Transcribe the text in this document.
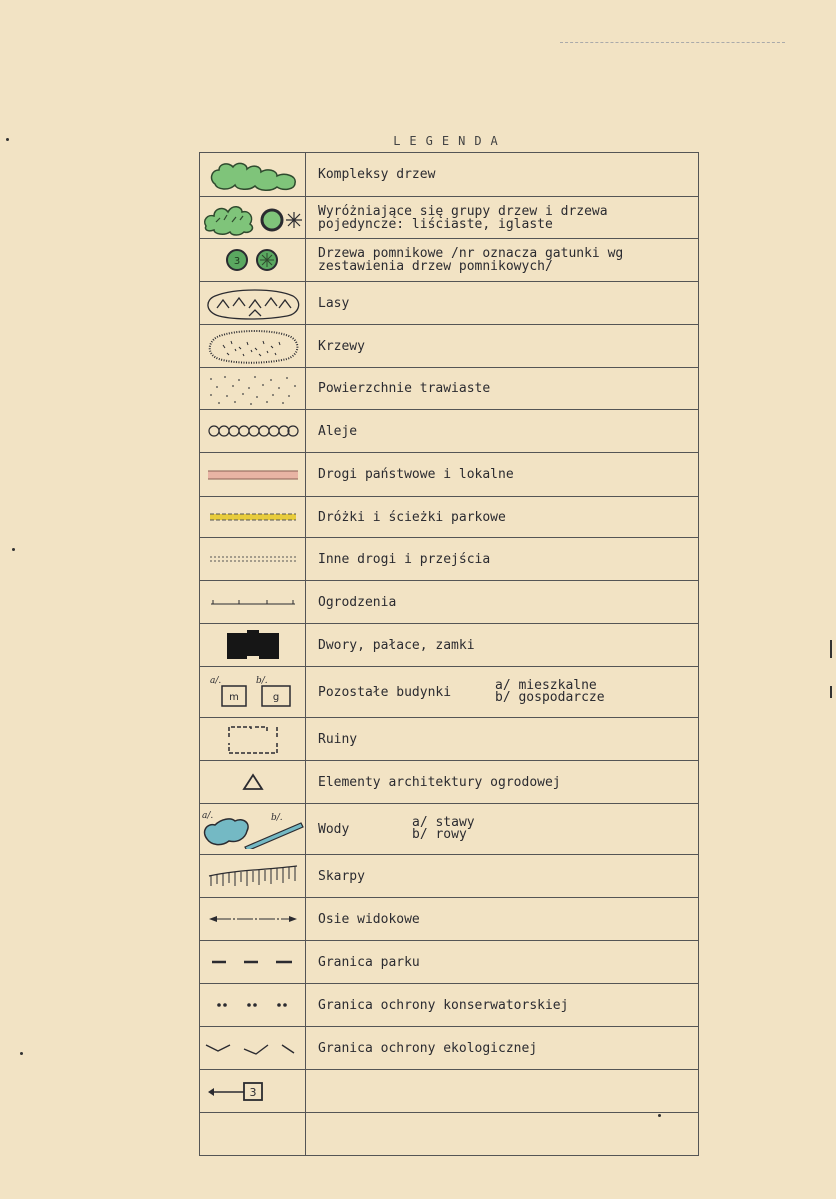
LEGENDA
	Kompleksy drzew

	Wyróżniające się grupy drzew i drzewa
pojedyncze: liściaste, iglaste

3	Drzewa pomnikowe /nr oznacza gatunki wg
zestawienia drzew pomnikowych/

	Lasy

	Krzewy

	Powierzchnie trawiaste

	Aleje

	Drogi państwowe i lokalne

	Dróżki i ścieżki parkowe

	Inne drogi i przejścia

	Ogrodzenia

	Dwory, pałace, zamki

a/. b/.
m g	Pozostałe budynki a/ mieszkalne
b/ gospodarcze

	Ruiny

	Elementy architektury ogrodowej

a/. b/.	Wody a/ stawy
b/ rowy

	Skarpy

	Osie widokowe

	Granica parku

	Granica ochrony konserwatorskiej

	Granica ochrony ekologicznej

3	
